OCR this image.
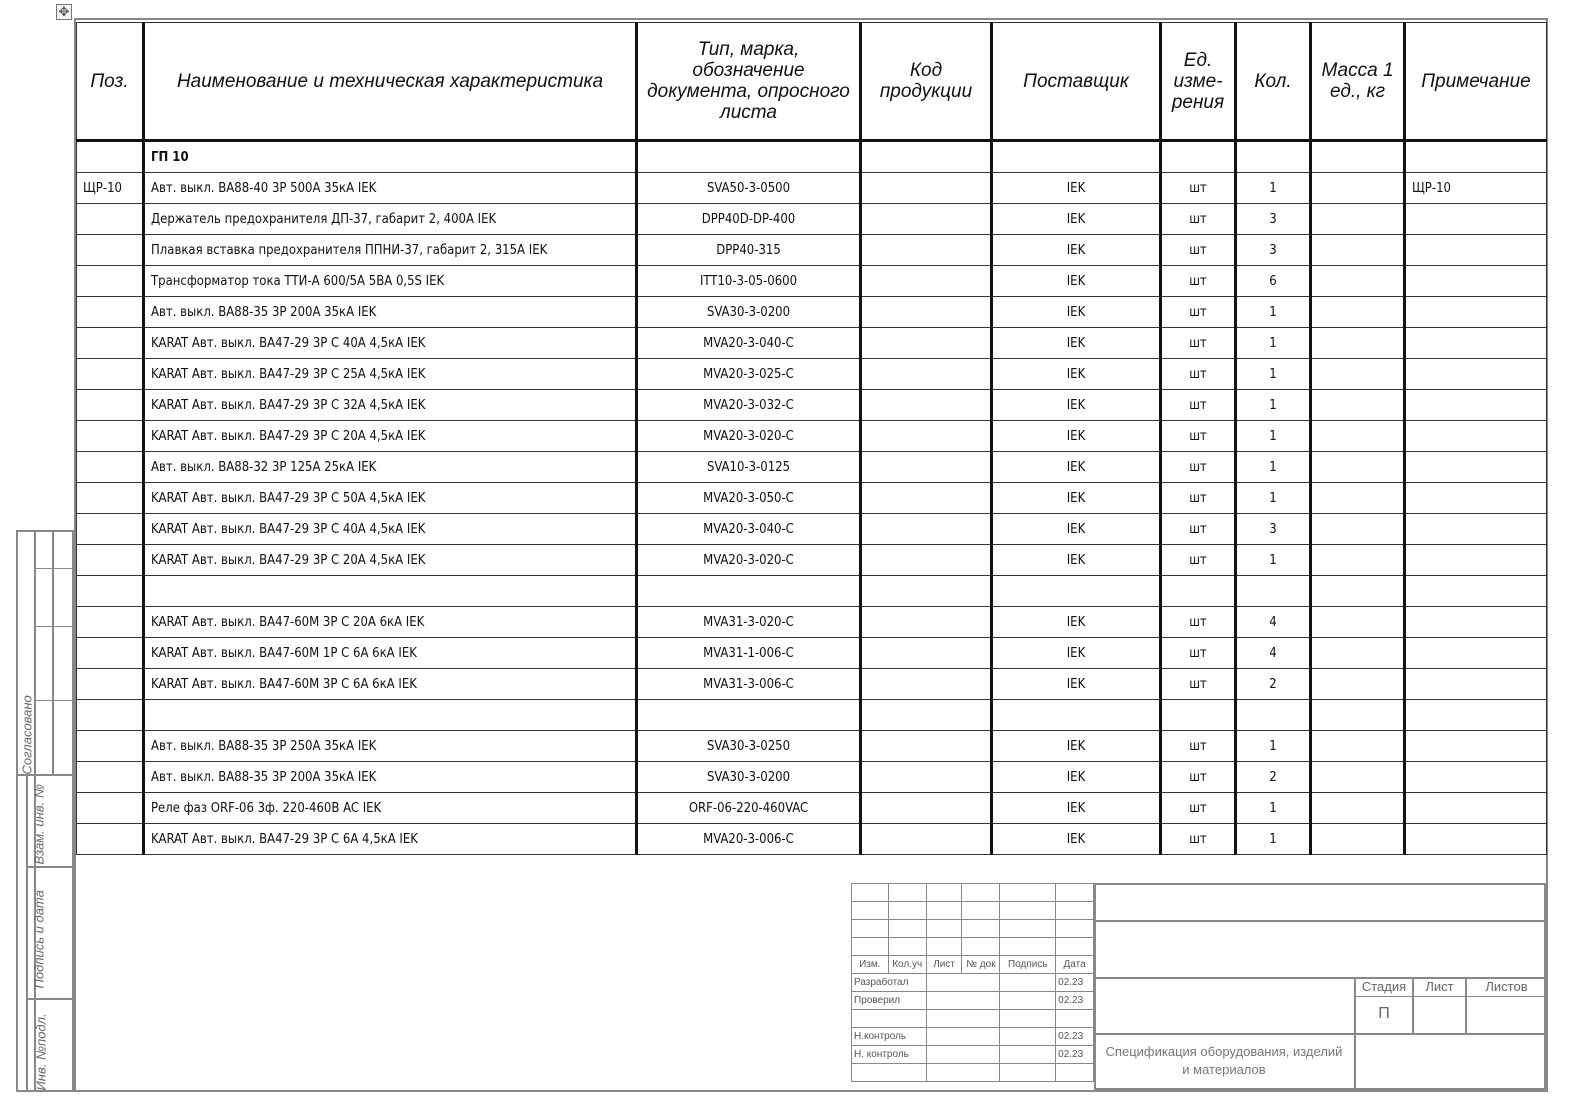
✥
Поз.	Наименование и техническая характеристика	Тип, марка, обозначение документа, опросного листа	Код продукции	Поставщик	Ед. изме-рения	Кол.	Масса 1 ед., кг	Примечание
	ГП 10							
ЩР-10	Авт. выкл. ВА88-40 3Р 500А 35кА IEK	SVA50-3-0500		IEK	шт	1		ЩР-10
	Держатель предохранителя ДП-37, габарит 2, 400А IEK	DPP40D-DP-400		IEK	шт	3		
	Плавкая вставка предохранителя ППНИ-37, габарит 2, 315А IEK	DPP40-315		IEK	шт	3		
	Трансформатор тока ТТИ-А 600/5А 5ВА 0,5S IEK	ITT10-3-05-0600		IEK	шт	6		
	Авт. выкл. ВА88-35 3Р 200А 35кА IEK	SVA30-3-0200		IEK	шт	1		
	KARAT Авт. выкл. ВА47-29 3Р С 40А 4,5кА IEK	MVA20-3-040-C		IEK	шт	1		
	KARAT Авт. выкл. ВА47-29 3Р С 25А 4,5кА IEK	MVA20-3-025-C		IEK	шт	1		
	KARAT Авт. выкл. ВА47-29 3Р С 32А 4,5кА IEK	MVA20-3-032-C		IEK	шт	1		
	KARAT Авт. выкл. ВА47-29 3Р С 20А 4,5кА IEK	MVA20-3-020-C		IEK	шт	1		
	Авт. выкл. ВА88-32 3Р 125А 25кА IEK	SVA10-3-0125		IEK	шт	1		
	KARAT Авт. выкл. ВА47-29 3Р С 50А 4,5кА IEK	MVA20-3-050-C		IEK	шт	1		
	KARAT Авт. выкл. ВА47-29 3Р С 40А 4,5кА IEK	MVA20-3-040-C		IEK	шт	3		
	KARAT Авт. выкл. ВА47-29 3Р С 20А 4,5кА IEK	MVA20-3-020-C		IEK	шт	1		

	KARAT Авт. выкл. ВА47-60М 3Р С 20А 6кА IEK	MVA31-3-020-C		IEK	шт	4		
	KARAT Авт. выкл. ВА47-60М 1Р С 6А 6кА IEK	MVA31-1-006-C		IEK	шт	4		
	KARAT Авт. выкл. ВА47-60М 3Р С 6А 6кА IEK	MVA31-3-006-C		IEK	шт	2		

	Авт. выкл. ВА88-35 3Р 250А 35кА IEK	SVA30-3-0250		IEK	шт	1		
	Авт. выкл. ВА88-35 3Р 200А 35кА IEK	SVA30-3-0200		IEK	шт	2		
	Реле фаз ORF-06 3ф. 220-460В AC IEK	ORF-06-220-460VAC		IEK	шт	1		
	KARAT Авт. выкл. ВА47-29 3Р С 6А 4,5кА IEK	MVA20-3-006-C		IEK	шт	1		
Согласовано
Взам. инв. №
Подпись и дата
Инв. №подл.

Изм.	Кол.уч	Лист	№ док	Подпись	Дата
Разработал					02.23
Проверил					02.23

Н.контроль					02.23
Н. контроль					02.23

Стадия	Лист	Листов
П
Спецификация оборудования, изделий и материалов
